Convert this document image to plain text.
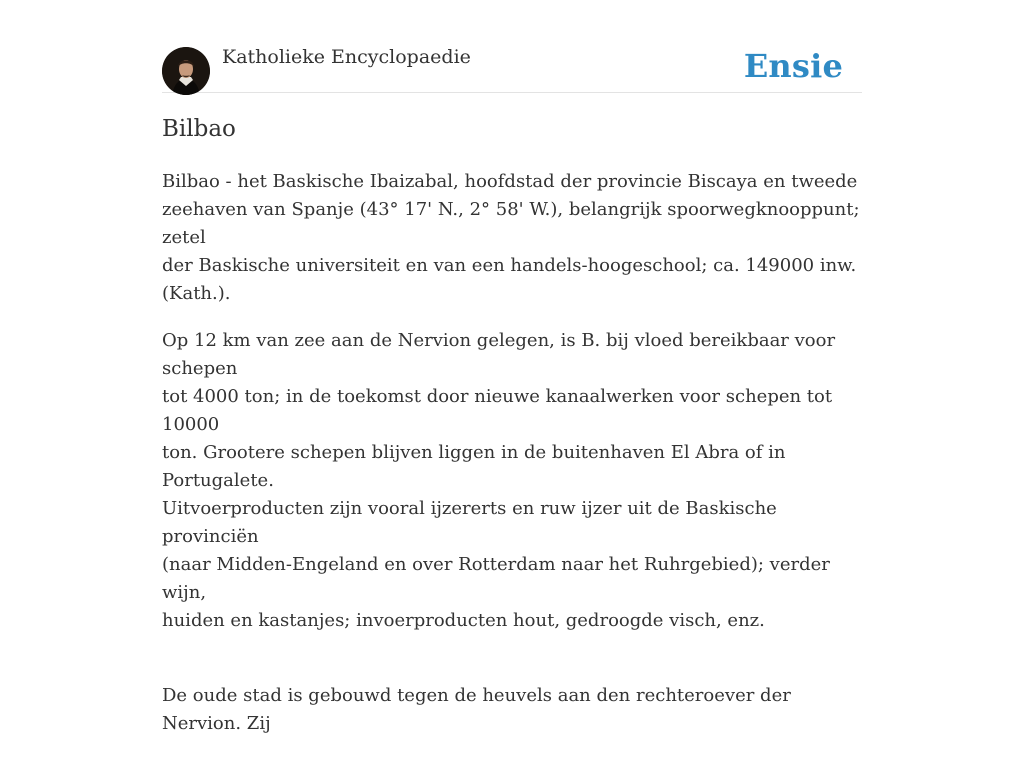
Katholieke Encyclopaedie	Ensie
Bilbao

Bilbao - het Baskische Ibaizabal, hoofdstad der provincie Biscaya en tweede
zeehaven van Spanje (43° 17' N., 2° 58' W.), belangrijk spoorwegknooppunt; zetel
der Baskische universiteit en van een handels-hoogeschool; ca. 149000 inw.
(Kath.).

Op 12 km van zee aan de Nervion gelegen, is B. bij vloed bereikbaar voor schepen
tot 4000 ton; in de toekomst door nieuwe kanaalwerken voor schepen tot 10000
ton. Grootere schepen blijven liggen in de buitenhaven El Abra of in Portugalete.
Uitvoerproducten zijn vooral ijzererts en ruw ijzer uit de Baskische provinciën
(naar Midden-Engeland en over Rotterdam naar het Ruhrgebied); verder wijn,
huiden en kastanjes; invoerproducten hout, gedroogde visch, enz.

De oude stad is gebouwd tegen de heuvels aan den rechteroever der Nervion. Zij
